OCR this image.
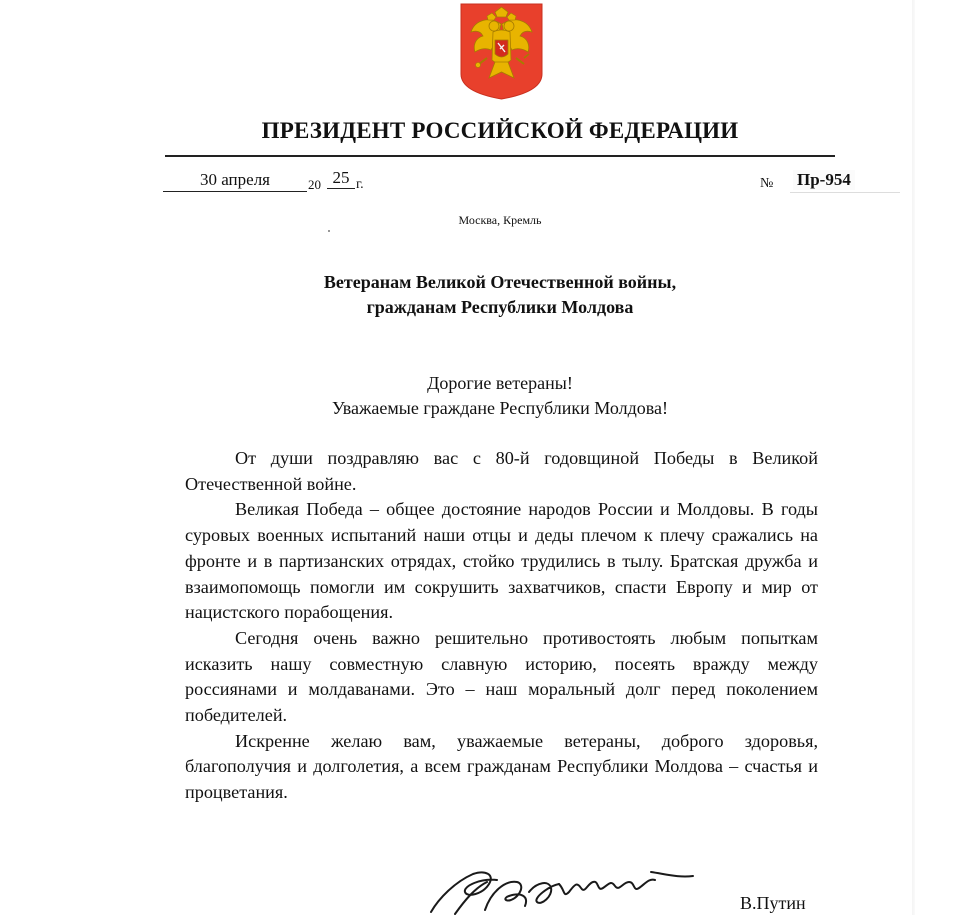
ПРЕЗИДЕНТ РОССИЙСКОЙ ФЕДЕРАЦИИ
30 апреля	20 25 г.	№ Пр-954
Москва, Кремль
Ветеранам Великой Отечественной войны,
гражданам Республики Молдова
Дорогие ветераны!
Уважаемые граждане Республики Молдова!

От души поздравляю вас с 80-й годовщиной Победы в Великой Отечественной войне.

Великая Победа – общее достояние народов России и Молдовы. В годы суровых военных испытаний наши отцы и деды плечом к плечу сражались на фронте и в партизанских отрядах, стойко трудились в тылу. Братская дружба и взаимопомощь помогли им сокрушить захватчиков, спасти Европу и мир от нацистского порабощения.

Сегодня очень важно решительно противостоять любым попыткам исказить нашу совместную славную историю, посеять вражду между россиянами и молдаванами. Это – наш моральный долг перед поколением победителей.

Искренне желаю вам, уважаемые ветераны, доброго здоровья, благополучия и долголетия, а всем гражданам Республики Молдова – счастья и процветания.

В.Путин
